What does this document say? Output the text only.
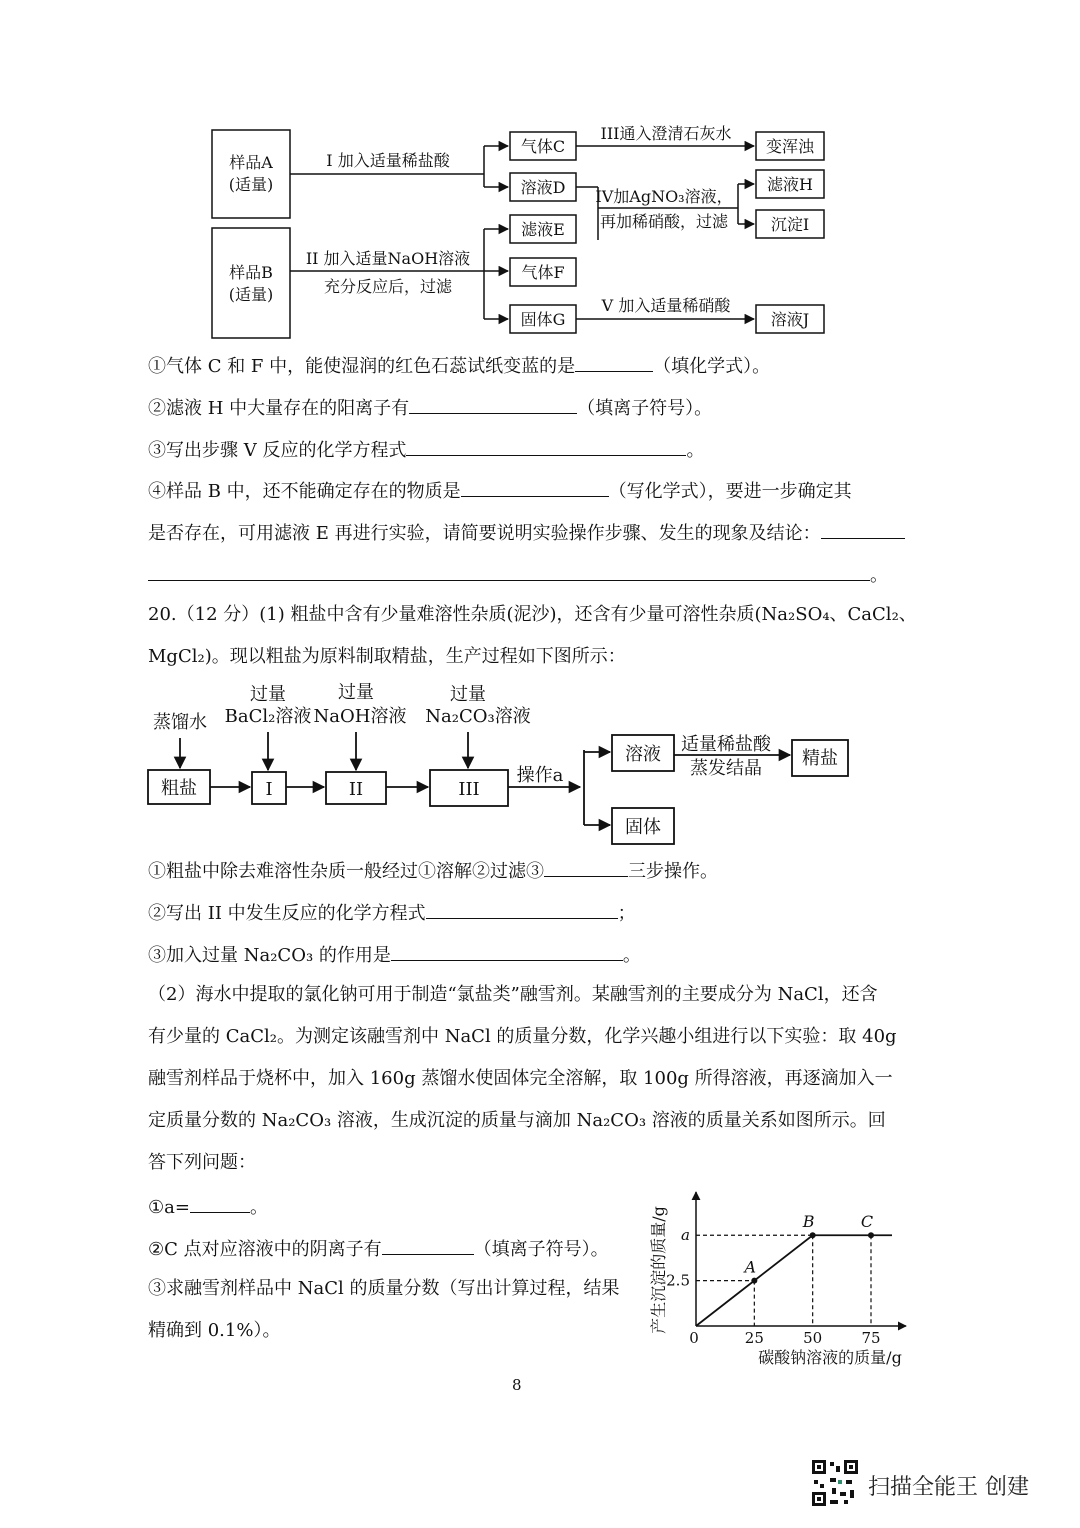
样品A
(适量)
样品B
(适量)
I 加入适量稀盐酸
II 加入适量NaOH溶液
充分反应后，过滤
III通入澄清石灰水
IV加AgNO₃溶液，
再加稀硝酸，过滤
V 加入适量稀硝酸
气体C
溶液D
滤液E
气体F
固体G
变浑浊
滤液H
沉淀I
溶液J
①气体 C 和 F 中，能使湿润的红色石蕊试纸变蓝的是	（填化学式）。
②滤液 H 中大量存在的阳离子有	（填离子符号）。
③写出步骤 V 反应的化学方程式	。
④样品 B 中，还不能确定存在的物质是	（写化学式），要进一步确定其
是否存在，可用滤液 E 再进行实验，请简要说明实验操作步骤、发生的现象及结论：
。
20.（12 分）(1) 粗盐中含有少量难溶性杂质(泥沙)，还含有少量可溶性杂质(Na₂SO₄、CaCl₂、
MgCl₂)。现以粗盐为原料制取精盐，生产过程如下图所示：
蒸馏水
过量
BaCl₂溶液
过量
NaOH溶液
过量
Na₂CO₃溶液
粗盐	I	II	III
操作a
溶液
固体
适量稀盐酸
蒸发结晶 精盐
①粗盐中除去难溶性杂质一般经过①溶解②过滤③	三步操作。
②写出 II 中发生反应的化学方程式	；
③加入过量 Na₂CO₃ 的作用是	。
（2）海水中提取的氯化钠可用于制造“氯盐类”融雪剂。某融雪剂的主要成分为 NaCl，还含
有少量的 CaCl₂。为测定该融雪剂中 NaCl 的质量分数，化学兴趣小组进行以下实验：取 40g
融雪剂样品于烧杯中，加入 160g 蒸馏水使固体完全溶解，取 100g 所得溶液，再逐滴加入一
定质量分数的 Na₂CO₃ 溶液，生成沉淀的质量与滴加 Na₂CO₃ 溶液的质量关系如图所示。回
答下列问题：
①a=	。
②C 点对应溶液中的阴离子有	（填离子符号）。
③求融雪剂样品中 NaCl 的质量分数（写出计算过程，结果
精确到 0.1%）。
A
B	C
0	25	50	75
2.5
a
产生沉淀的质量/g
碳酸钠溶液的质量/g
8
扫描全能王 创建
